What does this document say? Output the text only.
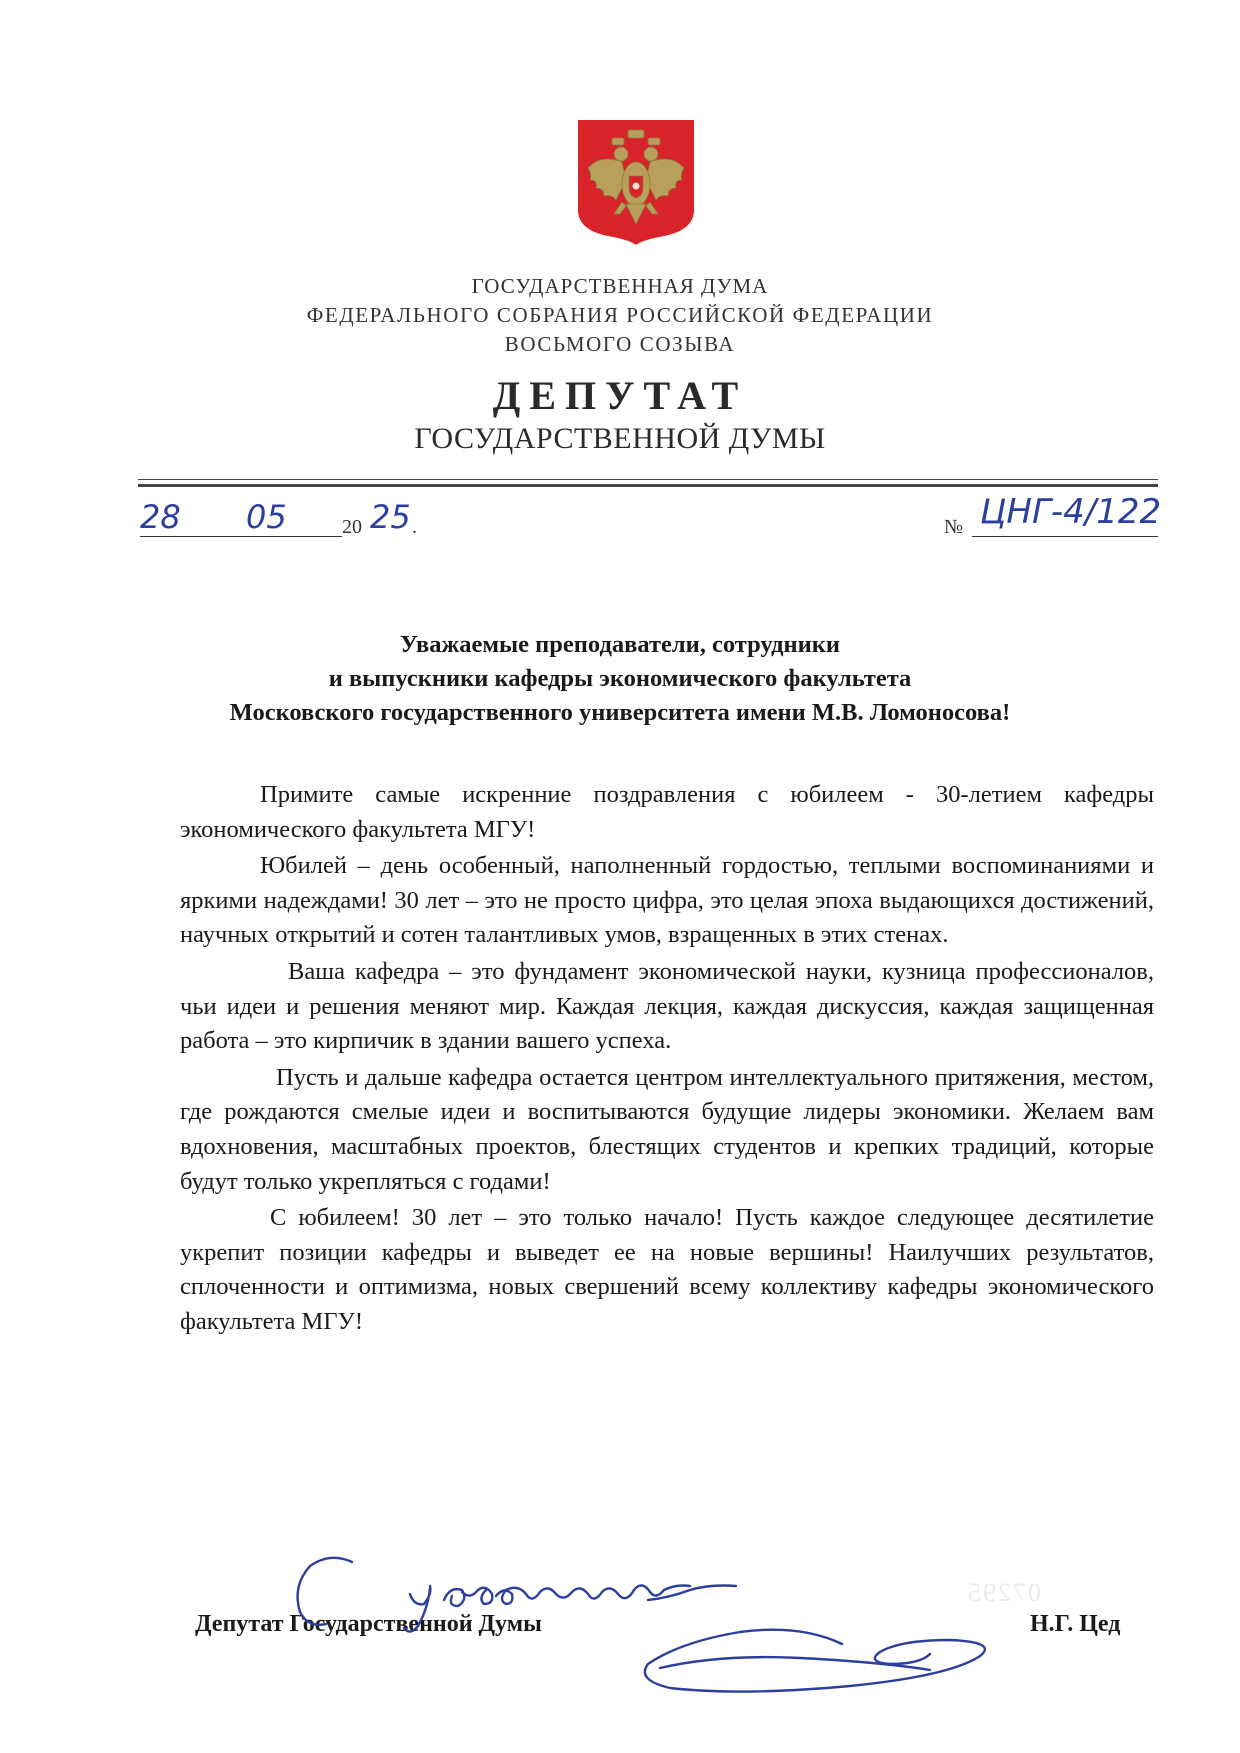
ГОСУДАРСТВЕННАЯ ДУМА
ФЕДЕРАЛЬНОГО СОБРАНИЯ РОССИЙСКОЙ ФЕДЕРАЦИИ
ВОСЬМОГО СОЗЫВА
ДЕПУТАТ
ГОСУДАРСТВЕННОЙ ДУМЫ
28 05	20 25 .	№ ЦНГ-4/122
Уважаемые преподаватели, сотрудники
и выпускники кафедры экономического факультета
Московского государственного университета имени М.В. Ломоносова!

Примите самые искренние поздравления с юбилеем - 30-летием кафедры экономического факультета МГУ!

Юбилей – день особенный, наполненный гордостью, теплыми воспоминаниями и яркими надеждами! 30 лет – это не просто цифра, это целая эпоха выдающихся достижений, научных открытий и сотен талантливых умов, взращенных в этих стенах.

Ваша кафедра – это фундамент экономической науки, кузница профессионалов, чьи идеи и решения меняют мир. Каждая лекция, каждая дискуссия, каждая защищенная работа – это кирпичик в здании вашего успеха.

Пусть и дальше кафедра остается центром интеллектуального притяжения, местом, где рождаются смелые идеи и воспитываются будущие лидеры экономики. Желаем вам вдохновения, масштабных проектов, блестящих студентов и крепких традиций, которые будут только укрепляться с годами!

С юбилеем! 30 лет – это только начало! Пусть каждое следующее десятилетие укрепит позиции кафедры и выведет ее на новые вершины! Наилучших результатов, сплоченности и оптимизма, новых свершений всему коллективу кафедры экономического факультета МГУ!

07295
Депутат Государственной Думы	Н.Г. Цед
